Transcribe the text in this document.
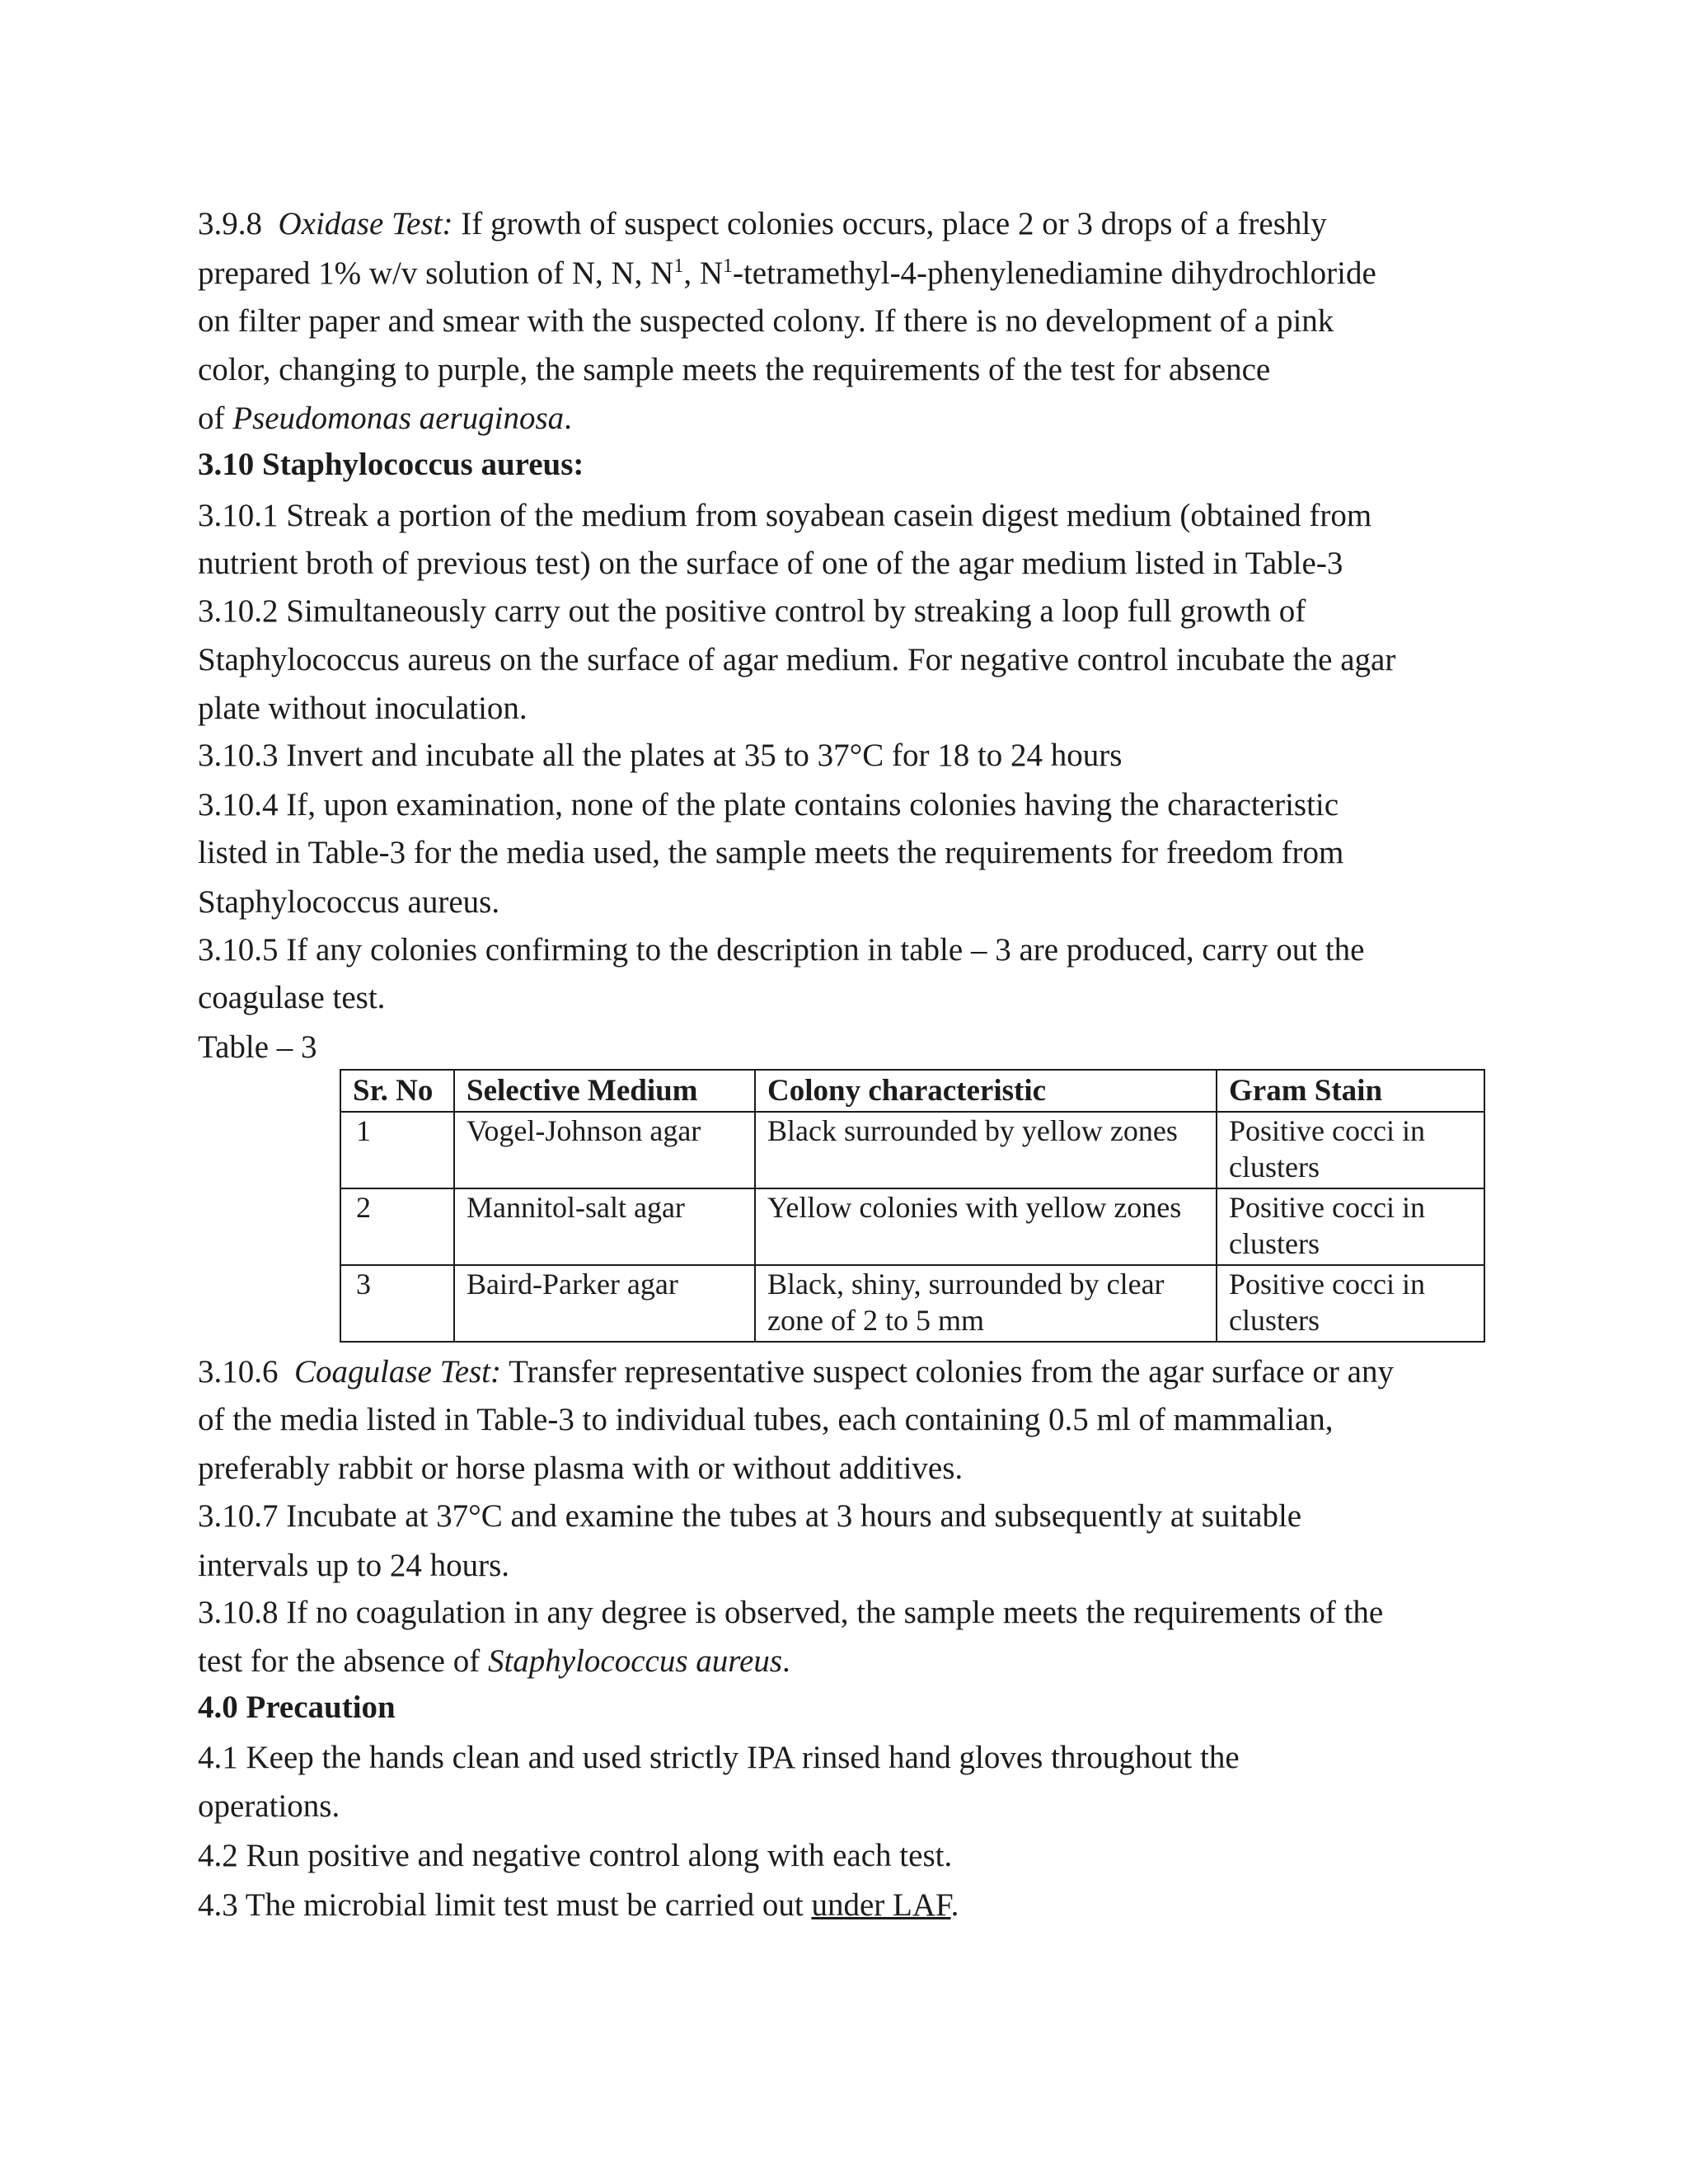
3.9.8 Oxidase Test: If growth of suspect colonies occurs, place 2 or 3 drops of a freshly
prepared 1% w/v solution of N, N, $N^1$, $N^1-tetramethyl-4$-phenylenediamine dihydrochloride
on filter paper and smear with the suspected colony. If there is no development of a pink
color, changing to purple, the sample meets the requirements of the test for absence
of Pseudomonas aeruginosa.
3.10 Staphylococcus aureus:
3.10.1 Streak a portion of the medium from soyabean casein digest medium (obtained from
nutrient broth of previous test) on the surface of one of the agar medium listed in Table-3
3.10.2 Simultaneously carry out the positive control by streaking a loop full growth of
Staphylococcus aureus on the surface of agar medium. For negative control incubate the agar
plate without inoculation.
3.10.3 Invert and incubate all the plates at 35 to 37°C for 18 to 24 hours
3.10.4 If, upon examination, none of the plate contains colonies having the characteristic
listed in Table-3 for the media used, the sample meets the requirements for freedom from
Staphylococcus aureus.
3.10.5 If any colonies confirming to the description in table – 3 are produced, carry out the
coagulase test.
Table – 3
Sr. No	Selective Medium	Colony characteristic	Gram Stain
1	Vogel-Johnson agar	Black surrounded by yellow zones	Positive cocci in clusters
2	Mannitol-salt agar	Yellow colonies with yellow zones	Positive cocci in clusters
3	Baird-Parker agar	Black, shiny, surrounded by clear zone of 2 to 5 mm	Positive cocci in clusters
3.10.6 Coagulase Test: Transfer representative suspect colonies from the agar surface or any
of the media listed in Table-3 to individual tubes, each containing 0.5 ml of mammalian,
preferably rabbit or horse plasma with or without additives.
3.10.7 Incubate at 37°C and examine the tubes at 3 hours and subsequently at suitable
intervals up to 24 hours.
3.10.8 If no coagulation in any degree is observed, the sample meets the requirements of the
test for the absence of Staphylococcus aureus.
4.0 Precaution
4.1 Keep the hands clean and used strictly IPA rinsed hand gloves throughout the
operations.
4.2 Run positive and negative control along with each test.
4.3 The microbial limit test must be carried out under LAF.
